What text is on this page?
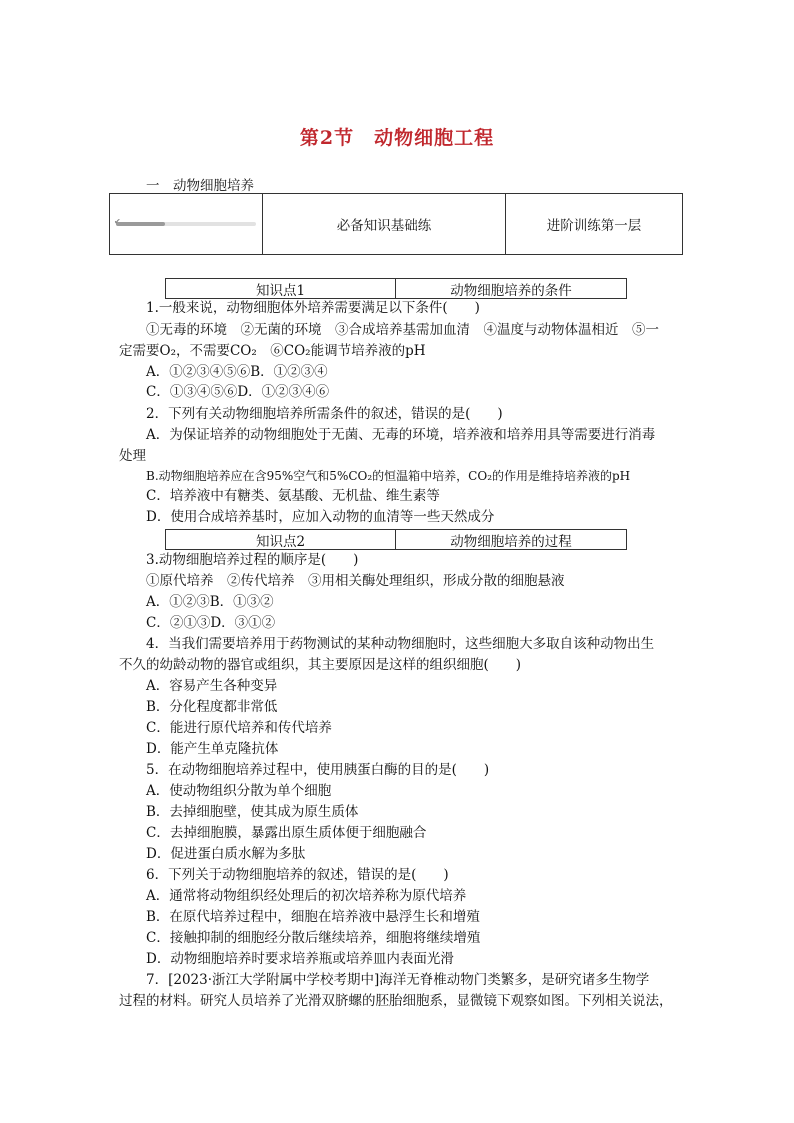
第2节　动物细胞工程
一　动物细胞培养
✔	必备知识基础练	进阶训练第一层
知识点1	动物细胞培养的条件
1.一般来说，动物细胞体外培养需要满足以下条件(　　)
①无毒的环境　②无菌的环境　③合成培养基需加血清　④温度与动物体温相近　⑤一
定需要O₂，不需要CO₂　⑥CO₂能调节培养液的pH
A．①②③④⑤⑥B．①②③④
C．①③④⑤⑥D．①②③④⑥
2．下列有关动物细胞培养所需条件的叙述，错误的是(　　)
A．为保证培养的动物细胞处于无菌、无毒的环境，培养液和培养用具等需要进行消毒
处理
B.动物细胞培养应在含95%空气和5%CO₂的恒温箱中培养，CO₂的作用是维持培养液的pH
C．培养液中有糖类、氨基酸、无机盐、维生素等
D．使用合成培养基时，应加入动物的血清等一些天然成分
知识点2	动物细胞培养的过程
3.动物细胞培养过程的顺序是(　　)
①原代培养　②传代培养　③用相关酶处理组织，形成分散的细胞悬液
A．①②③B．①③②
C．②①③D．③①②
4．当我们需要培养用于药物测试的某种动物细胞时，这些细胞大多取自该种动物出生
不久的幼龄动物的器官或组织，其主要原因是这样的组织细胞(　　)
A．容易产生各种变异
B．分化程度都非常低
C．能进行原代培养和传代培养
D．能产生单克隆抗体
5．在动物细胞培养过程中，使用胰蛋白酶的目的是(　　)
A．使动物组织分散为单个细胞
B．去掉细胞壁，使其成为原生质体
C．去掉细胞膜，暴露出原生质体便于细胞融合
D．促进蛋白质水解为多肽
6．下列关于动物细胞培养的叙述，错误的是(　　)
A．通常将动物组织经处理后的初次培养称为原代培养
B．在原代培养过程中，细胞在培养液中悬浮生长和增殖
C．接触抑制的细胞经分散后继续培养，细胞将继续增殖
D．动物细胞培养时要求培养瓶或培养皿内表面光滑
7．[2023·浙江大学附属中学校考期中]海洋无脊椎动物门类繁多，是研究诸多生物学
过程的材料。研究人员培养了光滑双脐螺的胚胎细胞系，显微镜下观察如图。下列相关说法，
